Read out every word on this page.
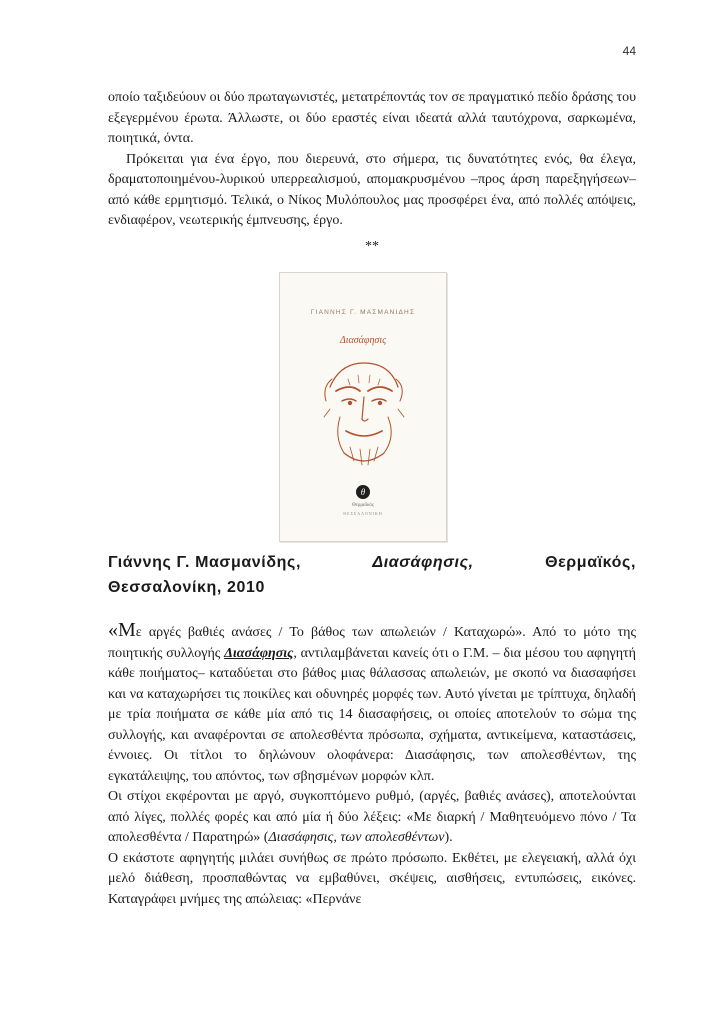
44

οποίο ταξιδεύουν οι δύο πρωταγωνιστές, μετατρέποντάς τον σε πραγματικό πεδίο δράσης του εξεγερμένου έρωτα. Άλλωστε, οι δύο εραστές είναι ιδεατά αλλά ταυτόχρονα, σαρκωμένα, ποιητικά, όντα.

Πρόκειται για ένα έργο, που διερευνά, στο σήμερα, τις δυνατότητες ενός, θα έλεγα, δραματοποιημένου-λυρικού υπερρεαλισμού, απομακρυσμένου –προς άρση παρεξηγήσεων– από κάθε ερμητισμό. Τελικά, ο Νίκος Μυλόπουλος μας προσφέρει ένα, από πολλές απόψεις, ενδιαφέρον, νεωτερικής έμπνευσης, έργο.

**
ΓΙΑΝΝΗΣ Γ. ΜΑΣΜΑΝΙΔΗΣ
Διασάφησις
θ
Θερμαϊκός
ΘΕΣΣΑΛΟΝΙΚΗ
Γιάννης Γ. Μασμανίδης,	Διασάφησις,	Θερμαϊκός,
Θεσσαλονίκη, 2010

«Με αργές βαθιές ανάσες / Το βάθος των απωλειών / Καταχωρώ». Από το μότο της ποιητικής συλλογής Διασάφησις, αντιλαμβάνεται κανείς ότι ο Γ.Μ. – δια μέσου του αφηγητή κάθε ποιήματος– καταδύεται στο βάθος μιας θάλασσας απωλειών, με σκοπό να διασαφήσει και να καταχωρήσει τις ποικίλες και οδυνηρές μορφές των. Αυτό γίνεται με τρίπτυχα, δηλαδή με τρία ποιήματα σε κάθε μία από τις 14 διασαφήσεις, οι οποίες αποτελούν το σώμα της συλλογής, και αναφέρονται σε απολεσθέντα πρόσωπα, σχήματα, αντικείμενα, καταστάσεις, έννοιες. Οι τίτλοι το δηλώνουν ολοφάνερα: Διασάφησις, των απολεσθέντων, της εγκατάλειψης, του απόντος, των σβησμένων μορφών κλπ.

Οι στίχοι εκφέρονται με αργό, συγκοπτόμενο ρυθμό, (αργές, βαθιές ανάσες), αποτελούνται από λίγες, πολλές φορές και από μία ή δύο λέξεις: «Με διαρκή / Μαθητευόμενο πόνο / Τα απολεσθέντα / Παρατηρώ» (Διασάφησις, των απολεσθέντων).

Ο εκάστοτε αφηγητής μιλάει συνήθως σε πρώτο πρόσωπο. Εκθέτει, με ελεγειακή, αλλά όχι μελό διάθεση, προσπαθώντας να εμβαθύνει, σκέψεις, αισθήσεις, εντυπώσεις, εικόνες. Καταγράφει μνήμες της απώλειας: «Περνάνε
